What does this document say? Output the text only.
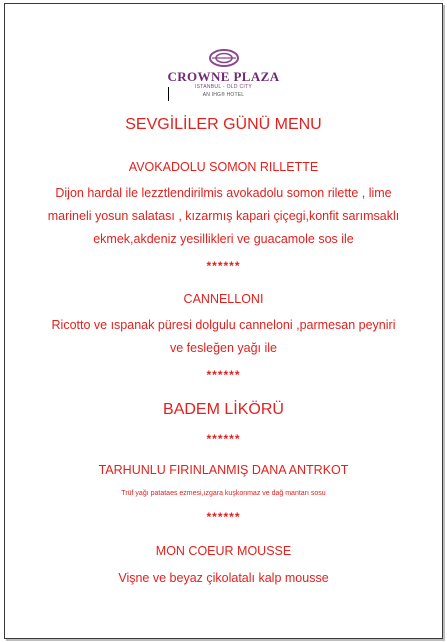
CROWNE PLAZA
ISTANBUL - OLD CITY
AN IHG® HOTEL
SEVGİLİLER GÜNÜ MENU
AVOKADOLU SOMON RILLETTE
Dijon hardal ile lezztlendirilmis avokadolu somon rilette , lime
marineli yosun salatası , kızarmış kapari çiçegi,konfit sarımsaklı
ekmek,akdeniz yesillikleri ve guacamole sos ile
******
CANNELLONI
Ricotto ve ıspanak püresi dolgulu canneloni ,parmesan peyniri
ve fesleğen yağı ile
******
BADEM LİKÖRÜ
******
TARHUNLU FIRINLANMIŞ DANA ANTRKOT
Trüf yağı patataes ezmesi,ızgara kuşkonmaz ve dağ mantarı sosu
******
MON COEUR MOUSSE
Vişne ve beyaz çikolatalı kalp mousse
